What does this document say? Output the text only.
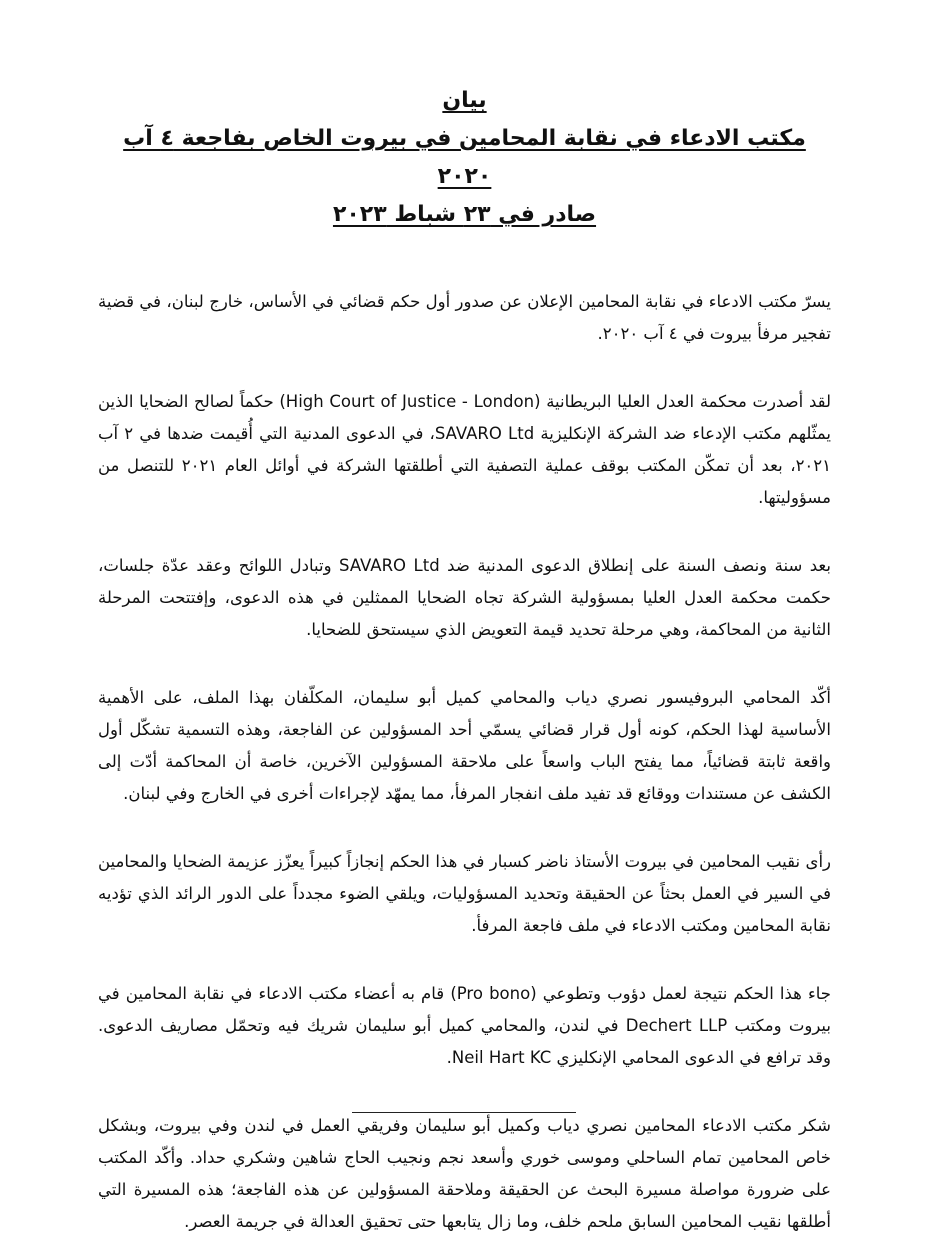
بيان
مكتب الادعاء في نقابة المحامين في بيروت الخاص بفاجعة ٤ آب ٢٠٢٠
صادر في ٢٣ شباط ٢٠٢٣

يسرّ مكتب الادعاء في نقابة المحامين الإعلان عن صدور أول حكم قضائي في الأساس، خارج لبنان، في قضية تفجير مرفأ بيروت في ٤ آب ٢٠٢٠.

لقد أصدرت محكمة العدل العليا البريطانية (High Court of Justice - London) حكماً لصالح الضحايا الذين يمثّلهم مكتب الإدعاء ضد الشركة الإنكليزية SAVARO Ltd، في الدعوى المدنية التي أُقيمت ضدها في ٢ آب ٢٠٢١، بعد أن تمكّن المكتب بوقف عملية التصفية التي أطلقتها الشركة في أوائل العام ٢٠٢١ للتنصل من مسؤوليتها.

بعد سنة ونصف السنة على إنطلاق الدعوى المدنية ضد SAVARO Ltd وتبادل اللوائح وعقد عدّة جلسات، حكمت محكمة العدل العليا بمسؤولية الشركة تجاه الضحايا الممثلين في هذه الدعوى، وإفتتحت المرحلة الثانية من المحاكمة، وهي مرحلة تحديد قيمة التعويض الذي سيستحق للضحايا.

أكّد المحامي البروفيسور نصري دياب والمحامي كميل أبو سليمان، المكلّفان بهذا الملف، على الأهمية الأساسية لهذا الحكم، كونه أول قرار قضائي يسمّي أحد المسؤولين عن الفاجعة، وهذه التسمية تشكّل أول واقعة ثابتة قضائياً، مما يفتح الباب واسعاً على ملاحقة المسؤولين الآخرين، خاصة أن المحاكمة أدّت إلى الكشف عن مستندات ووقائع قد تفيد ملف انفجار المرفأ، مما يمهّد لإجراءات أخرى في الخارج وفي لبنان.

رأى نقيب المحامين في بيروت الأستاذ ناضر كسبار في هذا الحكم إنجازاً كبيراً يعزّز عزيمة الضحايا والمحامين في السير في العمل بحثاً عن الحقيقة وتحديد المسؤوليات، ويلقي الضوء مجدداً على الدور الرائد الذي تؤديه نقابة المحامين ومكتب الادعاء في ملف فاجعة المرفأ.

جاء هذا الحكم نتيجة لعمل دؤوب وتطوعي (Pro bono) قام به أعضاء مكتب الادعاء في نقابة المحامين في بيروت ومكتب Dechert LLP في لندن، والمحامي كميل أبو سليمان شريك فيه وتحمّل مصاريف الدعوى. وقد ترافع في الدعوى المحامي الإنكليزي Neil Hart KC.

شكر مكتب الادعاء المحامين نصري دياب وكميل أبو سليمان وفريقي العمل في لندن وفي بيروت، وبشكل خاص المحامين تمام الساحلي وموسى خوري وأسعد نجم ونجيب الحاج شاهين وشكري حداد. وأكّد المكتب على ضرورة مواصلة مسيرة البحث عن الحقيقة وملاحقة المسؤولين عن هذه الفاجعة؛ هذه المسيرة التي أطلقها نقيب المحامين السابق ملحم خلف، وما زال يتابعها حتى تحقيق العدالة في جريمة العصر.
